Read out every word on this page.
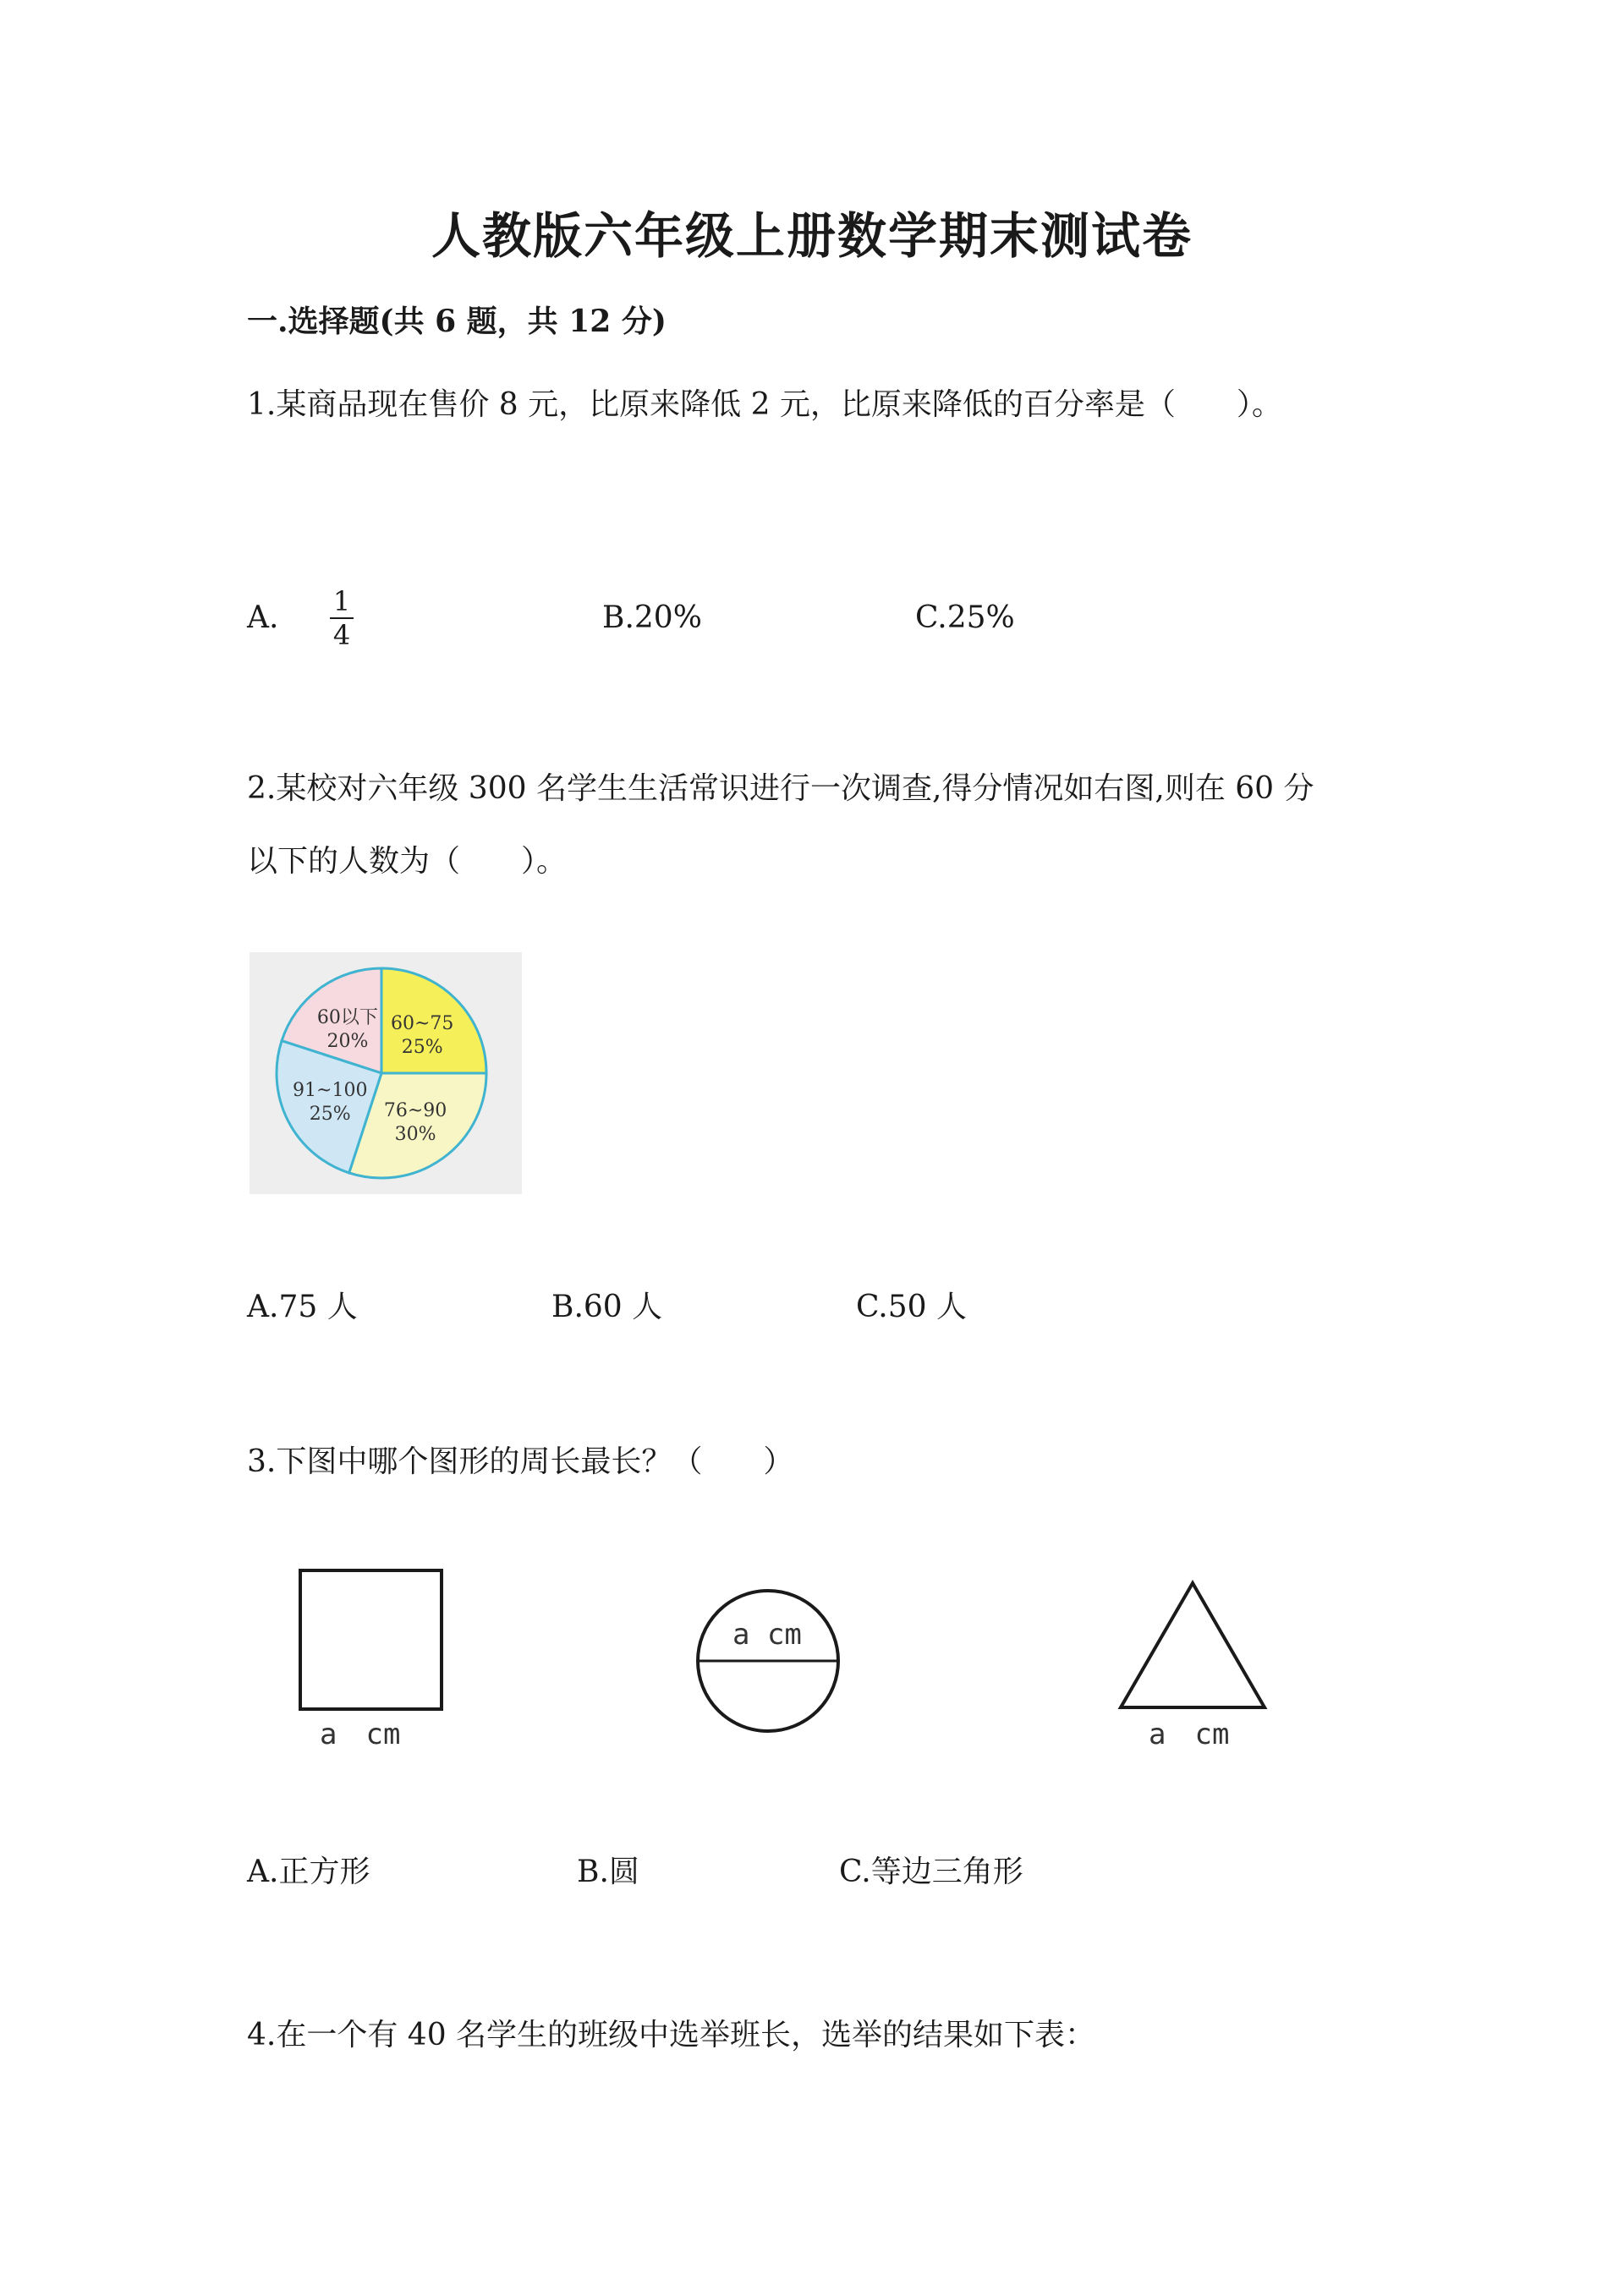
人教版六年级上册数学期末测试卷
一.选择题(共 6 题，共 12 分)
1.某商品现在售价 8 元，比原来降低 2 元，比原来降低的百分率是（　　）。
A. 1
4	B.20%	C.25%
2.某校对六年级 300 名学生生活常识进行一次调查,得分情况如右图,则在 60 分
以下的人数为（　　）。
60以下
20%
60~75
25%
76~90
30%
91~100
25%
A.75 人	B.60 人	C.50 人
3.下图中哪个图形的周长最长？（　　）
a　cm
a cm
a　cm
A.正方形	B.圆	C.等边三角形
4.在一个有 40 名学生的班级中选举班长，选举的结果如下表：
